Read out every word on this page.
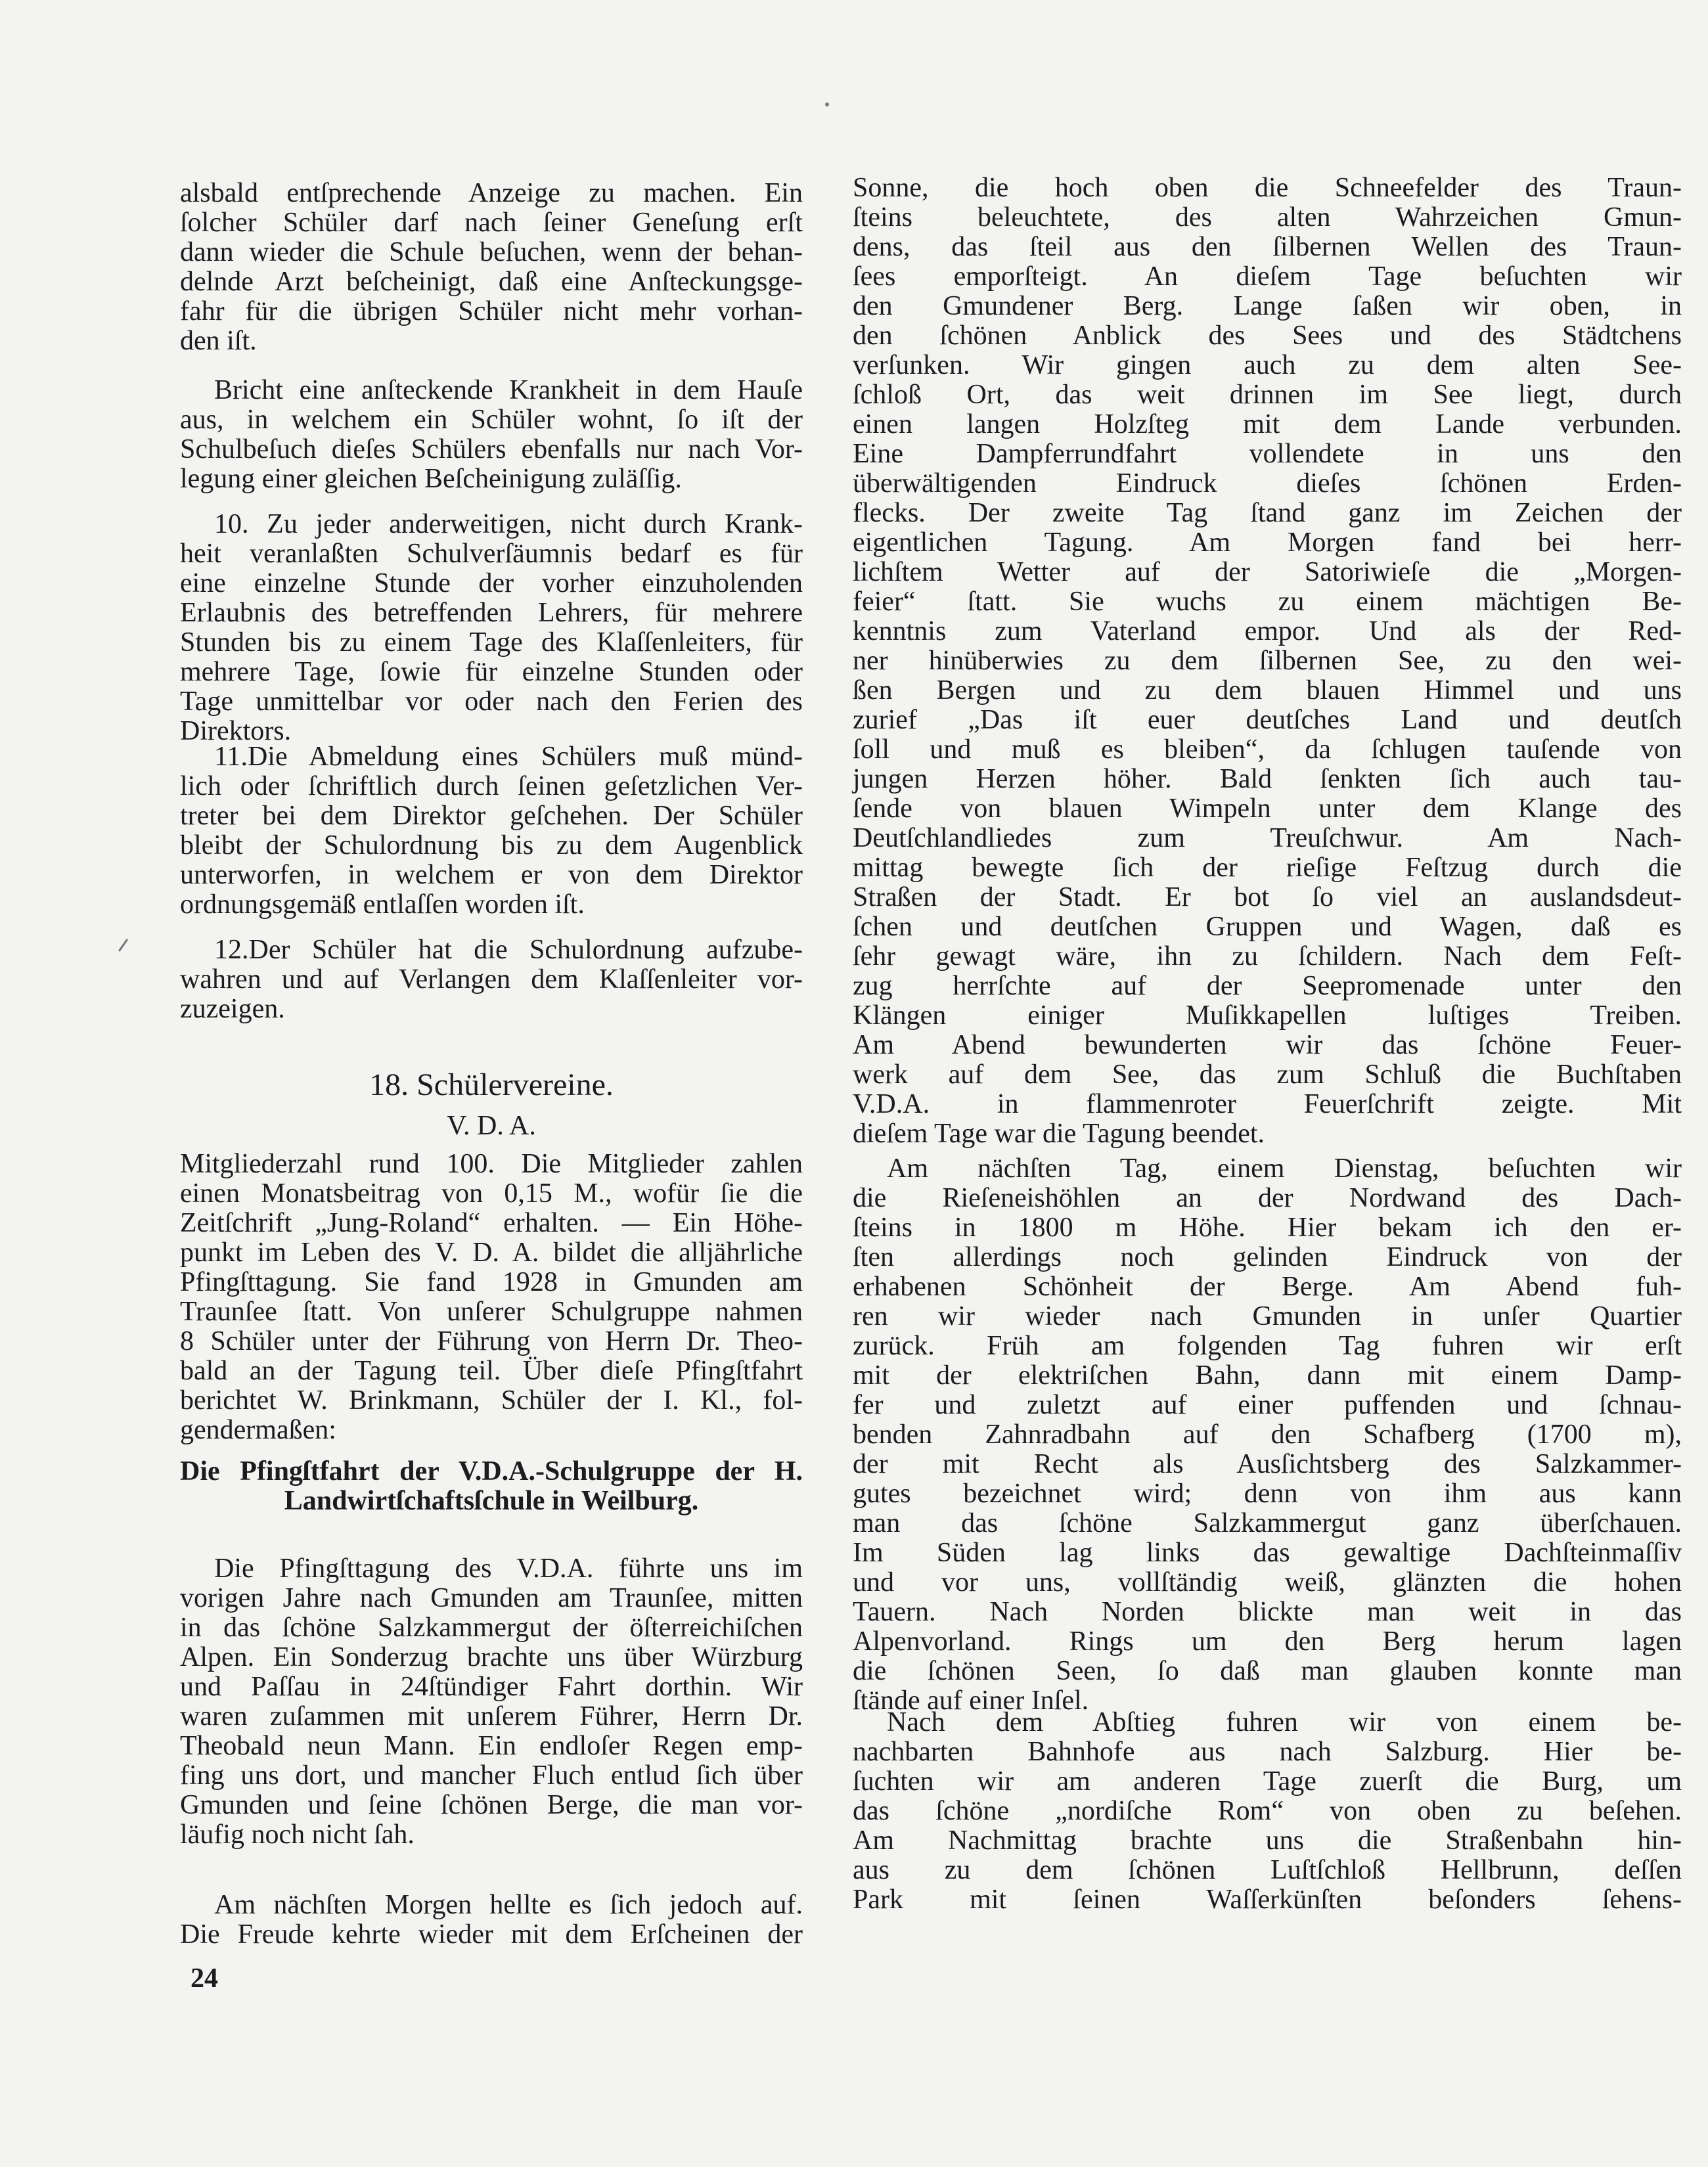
alsbald entſprechende Anzeige zu machen. Ein
ſolcher Schüler darf nach ſeiner Geneſung erſt
dann wieder die Schule beſuchen, wenn der behan-
delnde Arzt beſcheinigt, daß eine Anſteckungsge-
fahr für die übrigen Schüler nicht mehr vorhan-
den iſt.
Bricht eine anſteckende Krankheit in dem Hauſe
aus, in welchem ein Schüler wohnt, ſo iſt der
Schulbeſuch dieſes Schülers ebenfalls nur nach Vor-
legung einer gleichen Beſcheinigung zuläſſig.
10. Zu jeder anderweitigen, nicht durch Krank-
heit veranlaßten Schulverſäumnis bedarf es für
eine einzelne Stunde der vorher einzuholenden
Erlaubnis des betreffenden Lehrers, für mehrere
Stunden bis zu einem Tage des Klaſſenleiters, für
mehrere Tage, ſowie für einzelne Stunden oder
Tage unmittelbar vor oder nach den Ferien des
Direktors.
11.Die Abmeldung eines Schülers muß münd-
lich oder ſchriftlich durch ſeinen geſetzlichen Ver-
treter bei dem Direktor geſchehen. Der Schüler
bleibt der Schulordnung bis zu dem Augenblick
unterworfen, in welchem er von dem Direktor
ordnungsgemäß entlaſſen worden iſt.
12.Der Schüler hat die Schulordnung aufzube-
wahren und auf Verlangen dem Klaſſenleiter vor-
zuzeigen.
18. Schülervereine.
V. D. A.
Mitgliederzahl rund 100. Die Mitglieder zahlen
einen Monatsbeitrag von 0,15 M., wofür ſie die
Zeitſchrift „Jung-Roland“ erhalten. — Ein Höhe-
punkt im Leben des V. D. A. bildet die alljährliche
Pfingſttagung. Sie fand 1928 in Gmunden am
Traunſee ſtatt. Von unſerer Schulgruppe nahmen
8 Schüler unter der Führung von Herrn Dr. Theo-
bald an der Tagung teil. Über dieſe Pfingſtfahrt
berichtet W. Brinkmann, Schüler der I. Kl., fol-
gendermaßen:
Die Pfingſtfahrt der V.D.A.-Schulgruppe der H.
Landwirtſchaftsſchule in Weilburg.
Die Pfingſttagung des V.D.A. führte uns im
vorigen Jahre nach Gmunden am Traunſee, mitten
in das ſchöne Salzkammergut der öſterreichiſchen
Alpen. Ein Sonderzug brachte uns über Würzburg
und Paſſau in 24ſtündiger Fahrt dorthin. Wir
waren zuſammen mit unſerem Führer, Herrn Dr.
Theobald neun Mann. Ein endloſer Regen emp-
fing uns dort, und mancher Fluch entlud ſich über
Gmunden und ſeine ſchönen Berge, die man vor-
läufig noch nicht ſah.
Am nächſten Morgen hellte es ſich jedoch auf.
Die Freude kehrte wieder mit dem Erſcheinen der
Sonne, die hoch oben die Schneefelder des Traun-
ſteins beleuchtete, des alten Wahrzeichen Gmun-
dens, das ſteil aus den ſilbernen Wellen des Traun-
ſees emporſteigt. An dieſem Tage beſuchten wir
den Gmundener Berg. Lange ſaßen wir oben, in
den ſchönen Anblick des Sees und des Städtchens
verſunken. Wir gingen auch zu dem alten See-
ſchloß Ort, das weit drinnen im See liegt, durch
einen langen Holzſteg mit dem Lande verbunden.
Eine Dampferrundfahrt vollendete in uns den
überwältigenden Eindruck dieſes ſchönen Erden-
flecks. Der zweite Tag ſtand ganz im Zeichen der
eigentlichen Tagung. Am Morgen fand bei herr-
lichſtem Wetter auf der Satoriwieſe die „Morgen-
feier“ ſtatt. Sie wuchs zu einem mächtigen Be-
kenntnis zum Vaterland empor. Und als der Red-
ner hinüberwies zu dem ſilbernen See, zu den wei-
ßen Bergen und zu dem blauen Himmel und uns
zurief „Das iſt euer deutſches Land und deutſch
ſoll und muß es bleiben“, da ſchlugen tauſende von
jungen Herzen höher. Bald ſenkten ſich auch tau-
ſende von blauen Wimpeln unter dem Klange des
Deutſchlandliedes zum Treuſchwur. Am Nach-
mittag bewegte ſich der rieſige Feſtzug durch die
Straßen der Stadt. Er bot ſo viel an auslandsdeut-
ſchen und deutſchen Gruppen und Wagen, daß es
ſehr gewagt wäre, ihn zu ſchildern. Nach dem Feſt-
zug herrſchte auf der Seepromenade unter den
Klängen einiger Muſikkapellen luſtiges Treiben.
Am Abend bewunderten wir das ſchöne Feuer-
werk auf dem See, das zum Schluß die Buchſtaben
V.D.A. in flammenroter Feuerſchrift zeigte. Mit
dieſem Tage war die Tagung beendet.
Am nächſten Tag, einem Dienstag, beſuchten wir
die Rieſeneishöhlen an der Nordwand des Dach-
ſteins in 1800 m Höhe. Hier bekam ich den er-
ſten allerdings noch gelinden Eindruck von der
erhabenen Schönheit der Berge. Am Abend fuh-
ren wir wieder nach Gmunden in unſer Quartier
zurück. Früh am folgenden Tag fuhren wir erſt
mit der elektriſchen Bahn, dann mit einem Damp-
fer und zuletzt auf einer puffenden und ſchnau-
benden Zahnradbahn auf den Schafberg (1700 m),
der mit Recht als Ausſichtsberg des Salzkammer-
gutes bezeichnet wird; denn von ihm aus kann
man das ſchöne Salzkammergut ganz überſchauen.
Im Süden lag links das gewaltige Dachſteinmaſſiv
und vor uns, vollſtändig weiß, glänzten die hohen
Tauern. Nach Norden blickte man weit in das
Alpenvorland. Rings um den Berg herum lagen
die ſchönen Seen, ſo daß man glauben konnte man
ſtände auf einer Inſel.
Nach dem Abſtieg fuhren wir von einem be-
nachbarten Bahnhofe aus nach Salzburg. Hier be-
ſuchten wir am anderen Tage zuerſt die Burg, um
das ſchöne „nordiſche Rom“ von oben zu beſehen.
Am Nachmittag brachte uns die Straßenbahn hin-
aus zu dem ſchönen Luſtſchloß Hellbrunn, deſſen
Park mit ſeinen Waſſerkünſten beſonders ſehens-
24
